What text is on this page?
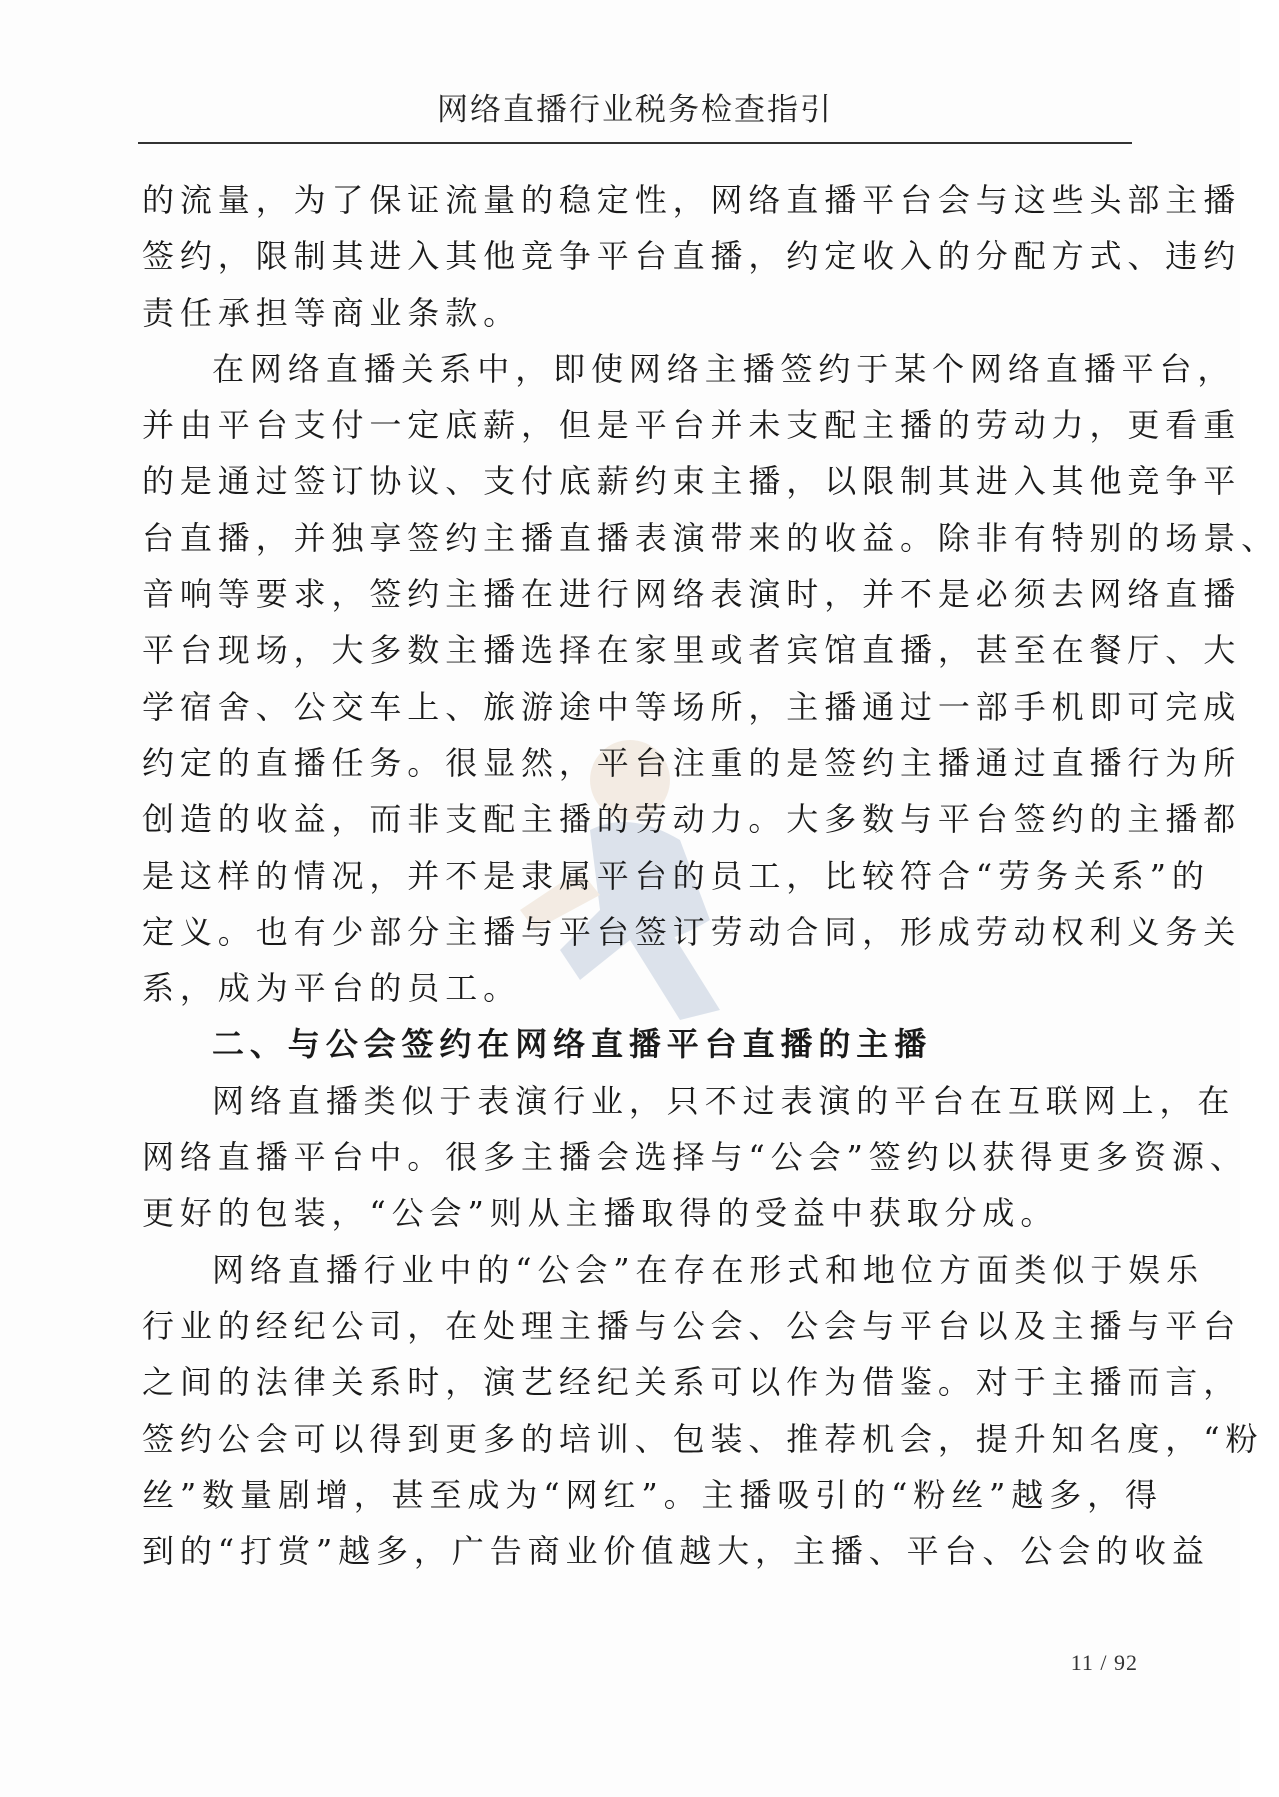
网络直播行业税务检查指引
的流量，为了保证流量的稳定性，网络直播平台会与这些头部主播
签约，限制其进入其他竞争平台直播，约定收入的分配方式、违约
责任承担等商业条款。
在网络直播关系中，即使网络主播签约于某个网络直播平台，
并由平台支付一定底薪，但是平台并未支配主播的劳动力，更看重
的是通过签订协议、支付底薪约束主播，以限制其进入其他竞争平
台直播，并独享签约主播直播表演带来的收益。除非有特别的场景、
音响等要求，签约主播在进行网络表演时，并不是必须去网络直播
平台现场，大多数主播选择在家里或者宾馆直播，甚至在餐厅、大
学宿舍、公交车上、旅游途中等场所，主播通过一部手机即可完成
约定的直播任务。很显然，平台注重的是签约主播通过直播行为所
创造的收益，而非支配主播的劳动力。大多数与平台签约的主播都
是这样的情况，并不是隶属平台的员工，比较符合“劳务关系”的
定义。也有少部分主播与平台签订劳动合同，形成劳动权利义务关
系，成为平台的员工。
二、与公会签约在网络直播平台直播的主播
网络直播类似于表演行业，只不过表演的平台在互联网上，在
网络直播平台中。很多主播会选择与“公会”签约以获得更多资源、
更好的包装，“公会”则从主播取得的受益中获取分成。
网络直播行业中的“公会”在存在形式和地位方面类似于娱乐
行业的经纪公司，在处理主播与公会、公会与平台以及主播与平台
之间的法律关系时，演艺经纪关系可以作为借鉴。对于主播而言，
签约公会可以得到更多的培训、包装、推荐机会，提升知名度，“粉
丝”数量剧增，甚至成为“网红”。主播吸引的“粉丝”越多，得
到的“打赏”越多，广告商业价值越大，主播、平台、公会的收益
11 / 92
